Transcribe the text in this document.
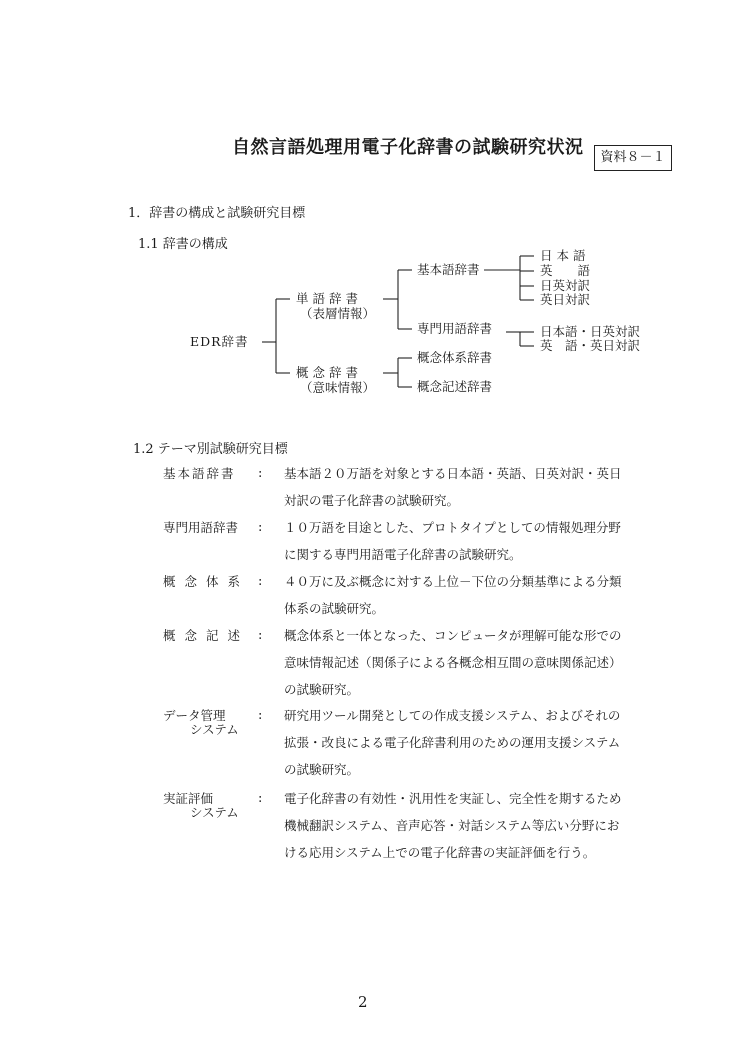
自然言語処理用電子化辞書の試験研究状況	資料８－１
1．辞書の構成と試験研究目標
1.1 辞書の構成
EDR辞書
単語辞書
（表層情報）
概念辞書
（意味情報）
基本語辞書
専門用語辞書
概念体系辞書
概念記述辞書
日 本 語
英　　語
日英対訳
英日対訳
日本語・日英対訳
英　語・英日対訳
1.2 テーマ別試験研究目標
基本語辞書 : 基本語２０万語を対象とする日本語・英語、日英対訳・英日
対訳の電子化辞書の試験研究。
専門用語辞書 : １０万語を目途とした、プロトタイプとしての情報処理分野
に関する専門用語電子化辞書の試験研究。
概念体系 : ４０万に及ぶ概念に対する上位－下位の分類基準による分類
体系の試験研究。
概念記述 : 概念体系と一体となった、コンピュータが理解可能な形での
意味情報記述（関係子による各概念相互間の意味関係記述）
の試験研究。
データ管理
システム
: 研究用ツール開発としての作成支援システム、およびそれの
拡張・改良による電子化辞書利用のための運用支援システム
の試験研究。
実証評価
システム
: 電子化辞書の有効性・汎用性を実証し、完全性を期するため
機械翻訳システム、音声応答・対話システム等広い分野にお
ける応用システム上での電子化辞書の実証評価を行う。
2
